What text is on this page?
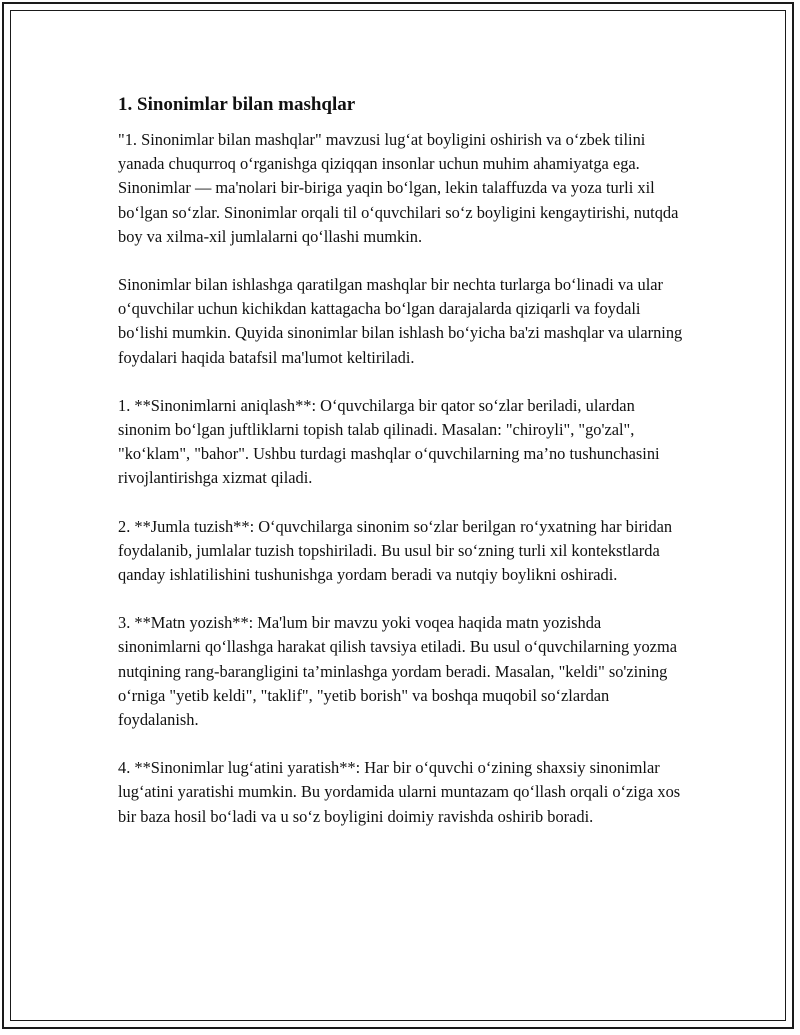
1. Sinonimlar bilan mashqlar

"1. Sinonimlar bilan mashqlar" mavzusi lug‘at boyligini oshirish va o‘zbek tilini yanada chuqurroq o‘rganishga qiziqqan insonlar uchun muhim ahamiyatga ega. Sinonimlar — ma'nolari bir-biriga yaqin bo‘lgan, lekin talaffuzda va yoza turli xil bo‘lgan so‘zlar. Sinonimlar orqali til o‘quvchilari so‘z boyligini kengaytirishi, nutqda boy va xilma-xil jumlalarni qo‘llashi mumkin.

Sinonimlar bilan ishlashga qaratilgan mashqlar bir nechta turlarga bo‘linadi va ular o‘quvchilar uchun kichikdan kattagacha bo‘lgan darajalarda qiziqarli va foydali bo‘lishi mumkin. Quyida sinonimlar bilan ishlash bo‘yicha ba'zi mashqlar va ularning foydalari haqida batafsil ma'lumot keltiriladi.

1. **Sinonimlarni aniqlash**: O‘quvchilarga bir qator so‘zlar beriladi, ulardan sinonim bo‘lgan juftliklarni topish talab qilinadi. Masalan: "chiroyli", "go'zal", "ko‘klam", "bahor". Ushbu turdagi mashqlar o‘quvchilarning ma’no tushunchasini rivojlantirishga xizmat qiladi.

2. **Jumla tuzish**: O‘quvchilarga sinonim so‘zlar berilgan ro‘yxatning har biridan foydalanib, jumlalar tuzish topshiriladi. Bu usul bir so‘zning turli xil kontekstlarda qanday ishlatilishini tushunishga yordam beradi va nutqiy boylikni oshiradi.

3. **Matn yozish**: Ma'lum bir mavzu yoki voqea haqida matn yozishda sinonimlarni qo‘llashga harakat qilish tavsiya etiladi. Bu usul o‘quvchilarning yozma nutqining rang-barangligini ta’minlashga yordam beradi. Masalan, "keldi" so'zining o‘rniga "yetib keldi", "taklif", "yetib borish" va boshqa muqobil so‘zlardan foydalanish.

4. **Sinonimlar lug‘atini yaratish**: Har bir o‘quvchi o‘zining shaxsiy sinonimlar lug‘atini yaratishi mumkin. Bu yordamida ularni muntazam qo‘llash orqali o‘ziga xos bir baza hosil bo‘ladi va u so‘z boyligini doimiy ravishda oshirib boradi.
